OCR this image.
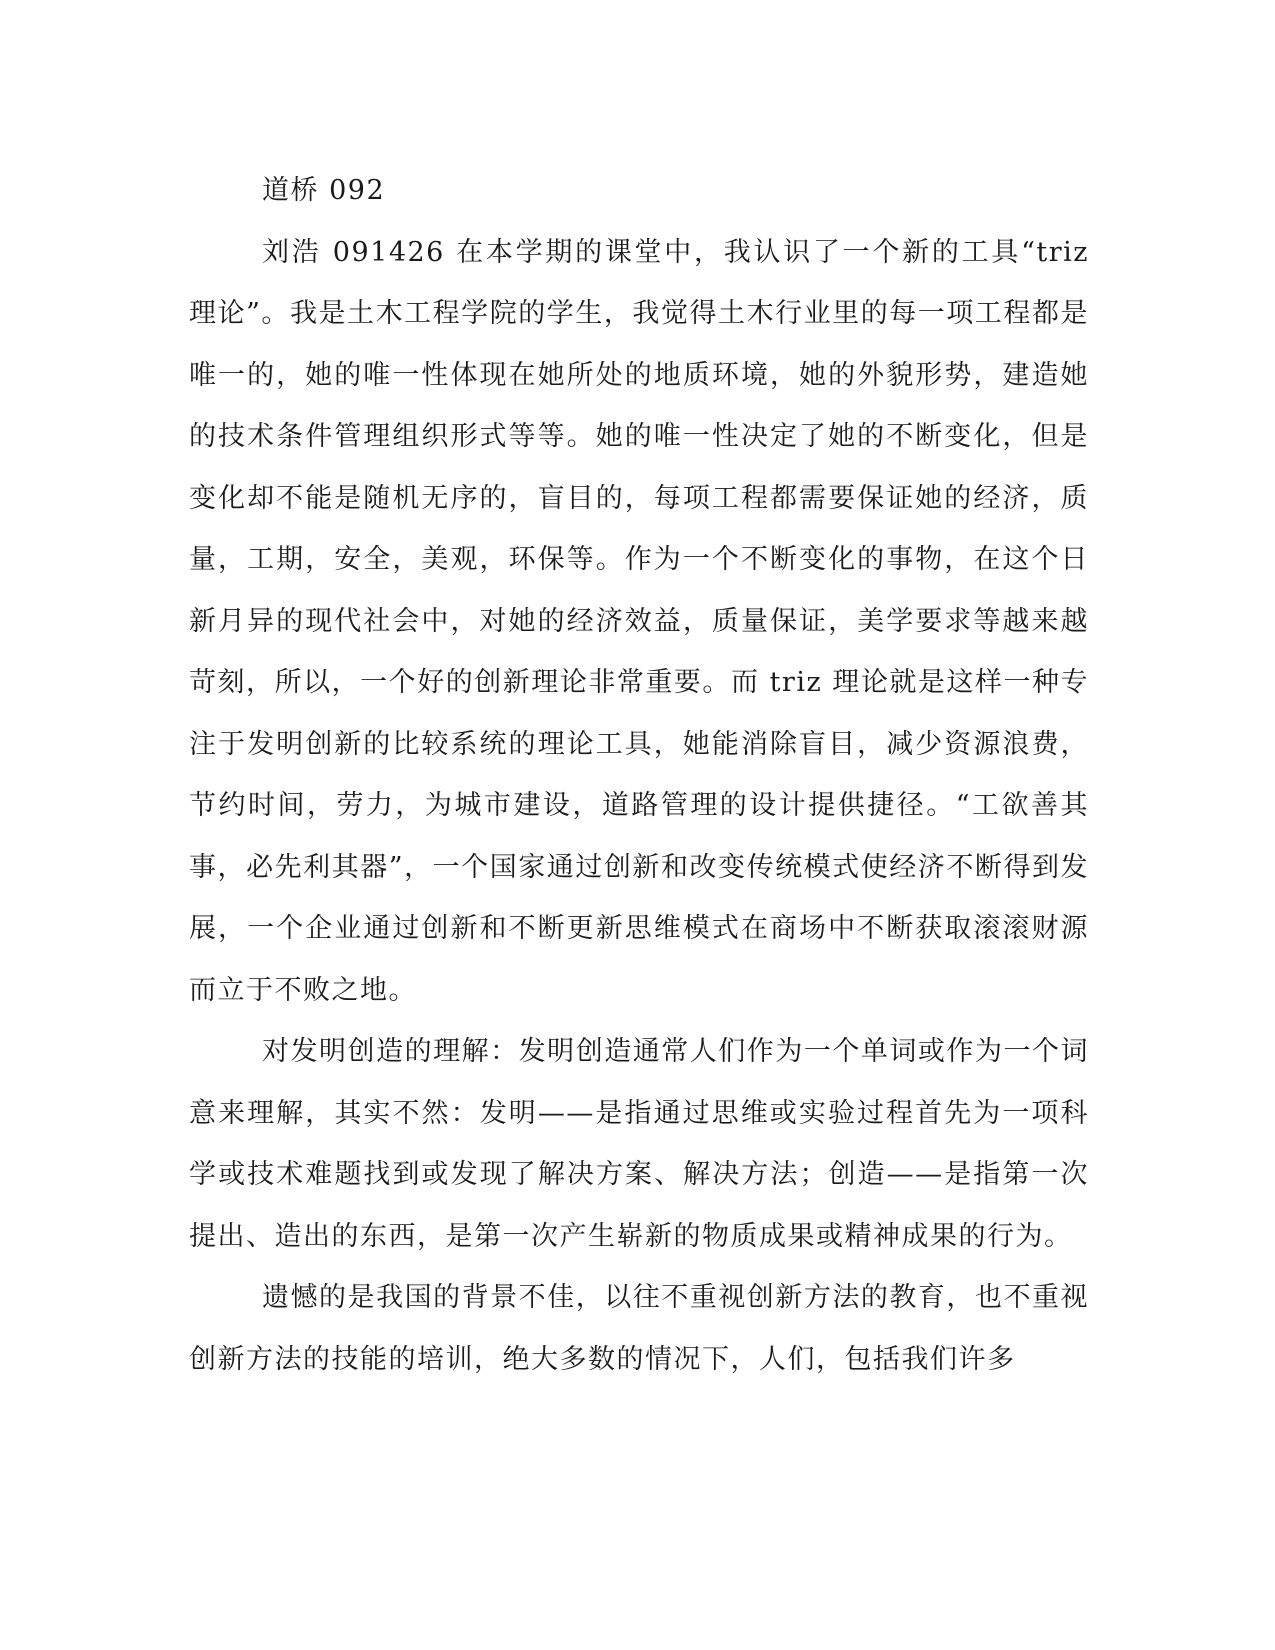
道桥 092

刘浩 091426 在本学期的课堂中，我认识了一个新的工具“triz 理论”。我是土木工程学院的学生，我觉得土木行业里的每一项工程都是唯一的，她的唯一性体现在她所处的地质环境，她的外貌形势，建造她的技术条件管理组织形式等等。她的唯一性决定了她的不断变化，但是变化却不能是随机无序的，盲目的，每项工程都需要保证她的经济，质量，工期，安全，美观，环保等。作为一个不断变化的事物，在这个日新月异的现代社会中，对她的经济效益，质量保证，美学要求等越来越苛刻，所以，一个好的创新理论非常重要。而 triz 理论就是这样一种专注于发明创新的比较系统的理论工具，她能消除盲目，减少资源浪费，节约时间，劳力，为城市建设，道路管理的设计提供捷径。“工欲善其事，必先利其器”，一个国家通过创新和改变传统模式使经济不断得到发展，一个企业通过创新和不断更新思维模式在商场中不断获取滚滚财源而立于不败之地。

对发明创造的理解：发明创造通常人们作为一个单词或作为一个词意来理解，其实不然：发明——是指通过思维或实验过程首先为一项科学或技术难题找到或发现了解决方案、解决方法；创造——是指第一次提出、造出的东西，是第一次产生崭新的物质成果或精神成果的行为。

遗憾的是我国的背景不佳，以往不重视创新方法的教育，也不重视创新方法的技能的培训，绝大多数的情况下，人们，包括我们许多
